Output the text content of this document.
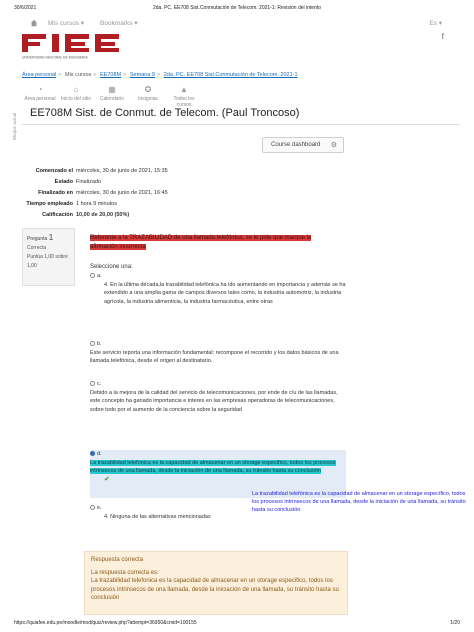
30/6/2021	2da. PC. EE708 Sist.Conmutación de Telecom. 2021-1: Revisión del intento
Mis cursos ▾ Bookmarks ▾	Es ▾
UNIVERSIDAD NACIONAL DE INGENIERÍA
f
Área personal > Mis cursos > EE708M > Semana 9 > 2da. PC. EE708 Sist.Conmutación de Telecom. 2021-1
◔
Área personal
⌂
Inicio del sitio
▦
Calendario
✪
Insignias
▲
Todos los cursos
Bloque actual	EE708M Sist. de Conmut. de Telecom. (Paul Troncoso)
Course dashboard ⚙
Comenzado el miércoles, 30 de junio de 2021, 15:35
Estado Finalizado
Finalizado en miércoles, 30 de junio de 2021, 16:45
Tiempo empleado 1 hora 9 minutos
Calificación 10,00 de 20,00 (50%)
Pregunta 1
Correcta
Puntúa 1,00 sobre
1,00
Referente a la TRAZABILIDAD de una llamada telefónica, se le pide que marque la afirmación incorrecta
Seleccione una:
a.
4. En la última década,la trazabilidad telefónica ha ido aumentando en importancia y además se ha extendido a una amplia gama de campos diversos tales como, la industria automotriz, la industria agrícola, la industria alimenticia, la industria farmacéutica, entre otras
b.
Este servicio reporta una información fundamental: recompone el recorrido y los datos básicos de una llamada telefónica, desde el origen al destinatario.
c.
Debido a la mejora de la calidad del servicio de telecomunicaciones, por ende de c/u de las llamadas, este concepto ha ganado importancia e interes en las empresas operadoras de telecomunicaciones, sobre todo por el aumento de la conciencia sobre la seguridad
d.
La trazabilidad telefonica es la capacidad de almacenar en un storage especifico, todos los procesos intrinsecos de una llamada, desde la iniciación de una llamada, su tránsito hasta su conclusión
✔
e.
4. Ninguna de las alternativas mencionadas
La trazabilidad telefónica es la capacidad de almacenar en un storage específico, todos los procesos intrínsecos de una llamada, desde la iniciación de una llamada, su tránsito hasta su conclusión
Respuesta correcta
La respuesta correcta es:
La trazabilidad telefonica es la capacidad de almacenar en un storage especifico, todos los procesos intrinsecos de una llamada, desde la iniciación de una llamada, su tránsito hasta su conclusión
https://quiafee.edu.pe/moodle/mod/quiz/review.php?attempt=36950&cmid=100155	1/20
